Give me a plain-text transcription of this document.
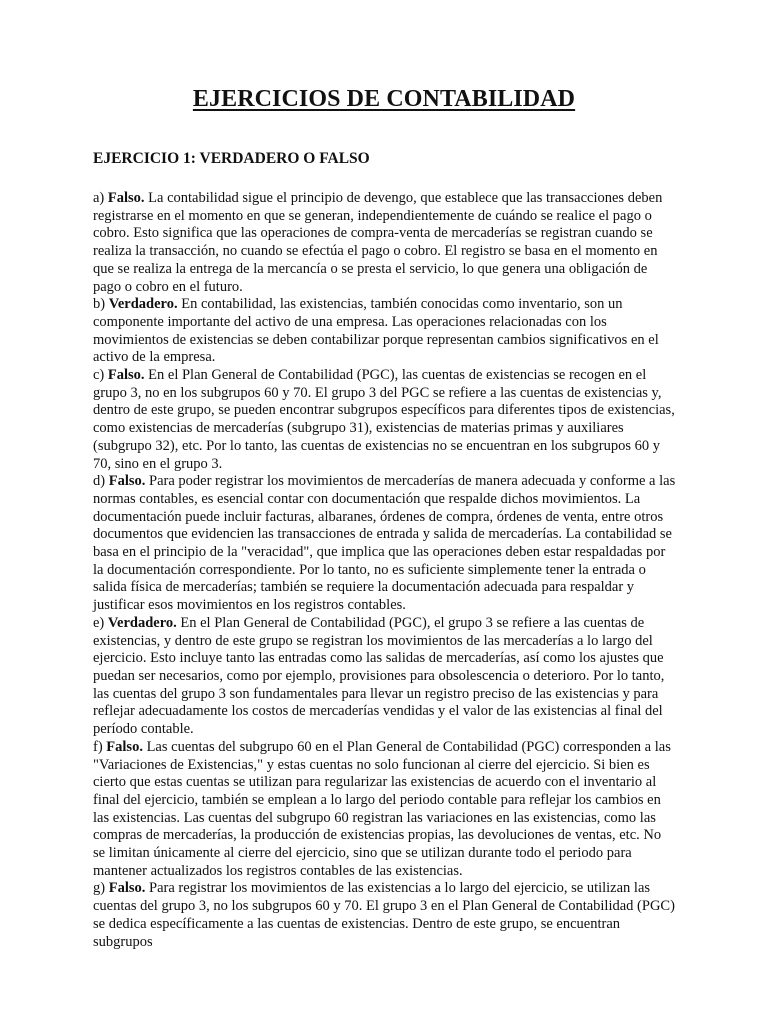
EJERCICIOS DE CONTABILIDAD
EJERCICIO 1: VERDADERO O FALSO

a) Falso. La contabilidad sigue el principio de devengo, que establece que las transacciones deben registrarse en el momento en que se generan, independientemente de cuándo se realice el pago o cobro. Esto significa que las operaciones de compra-venta de mercaderías se registran cuando se realiza la transacción, no cuando se efectúa el pago o cobro. El registro se basa en el momento en que se realiza la entrega de la mercancía o se presta el servicio, lo que genera una obligación de pago o cobro en el futuro.

b) Verdadero. En contabilidad, las existencias, también conocidas como inventario, son un componente importante del activo de una empresa. Las operaciones relacionadas con los movimientos de existencias se deben contabilizar porque representan cambios significativos en el activo de la empresa.

c) Falso. En el Plan General de Contabilidad (PGC), las cuentas de existencias se recogen en el grupo 3, no en los subgrupos 60 y 70. El grupo 3 del PGC se refiere a las cuentas de existencias y, dentro de este grupo, se pueden encontrar subgrupos específicos para diferentes tipos de existencias, como existencias de mercaderías (subgrupo 31), existencias de materias primas y auxiliares (subgrupo 32), etc. Por lo tanto, las cuentas de existencias no se encuentran en los subgrupos 60 y 70, sino en el grupo 3.

d) Falso. Para poder registrar los movimientos de mercaderías de manera adecuada y conforme a las normas contables, es esencial contar con documentación que respalde dichos movimientos. La documentación puede incluir facturas, albaranes, órdenes de compra, órdenes de venta, entre otros documentos que evidencien las transacciones de entrada y salida de mercaderías. La contabilidad se basa en el principio de la "veracidad", que implica que las operaciones deben estar respaldadas por la documentación correspondiente. Por lo tanto, no es suficiente simplemente tener la entrada o salida física de mercaderías; también se requiere la documentación adecuada para respaldar y justificar esos movimientos en los registros contables.

e) Verdadero. En el Plan General de Contabilidad (PGC), el grupo 3 se refiere a las cuentas de existencias, y dentro de este grupo se registran los movimientos de las mercaderías a lo largo del ejercicio. Esto incluye tanto las entradas como las salidas de mercaderías, así como los ajustes que puedan ser necesarios, como por ejemplo, provisiones para obsolescencia o deterioro. Por lo tanto, las cuentas del grupo 3 son fundamentales para llevar un registro preciso de las existencias y para reflejar adecuadamente los costos de mercaderías vendidas y el valor de las existencias al final del período contable.

f) Falso. Las cuentas del subgrupo 60 en el Plan General de Contabilidad (PGC) corresponden a las "Variaciones de Existencias," y estas cuentas no solo funcionan al cierre del ejercicio. Si bien es cierto que estas cuentas se utilizan para regularizar las existencias de acuerdo con el inventario al final del ejercicio, también se emplean a lo largo del periodo contable para reflejar los cambios en las existencias. Las cuentas del subgrupo 60 registran las variaciones en las existencias, como las compras de mercaderías, la producción de existencias propias, las devoluciones de ventas, etc. No se limitan únicamente al cierre del ejercicio, sino que se utilizan durante todo el periodo para mantener actualizados los registros contables de las existencias.

g) Falso. Para registrar los movimientos de las existencias a lo largo del ejercicio, se utilizan las cuentas del grupo 3, no los subgrupos 60 y 70. El grupo 3 en el Plan General de Contabilidad (PGC) se dedica específicamente a las cuentas de existencias. Dentro de este grupo, se encuentran subgrupos
